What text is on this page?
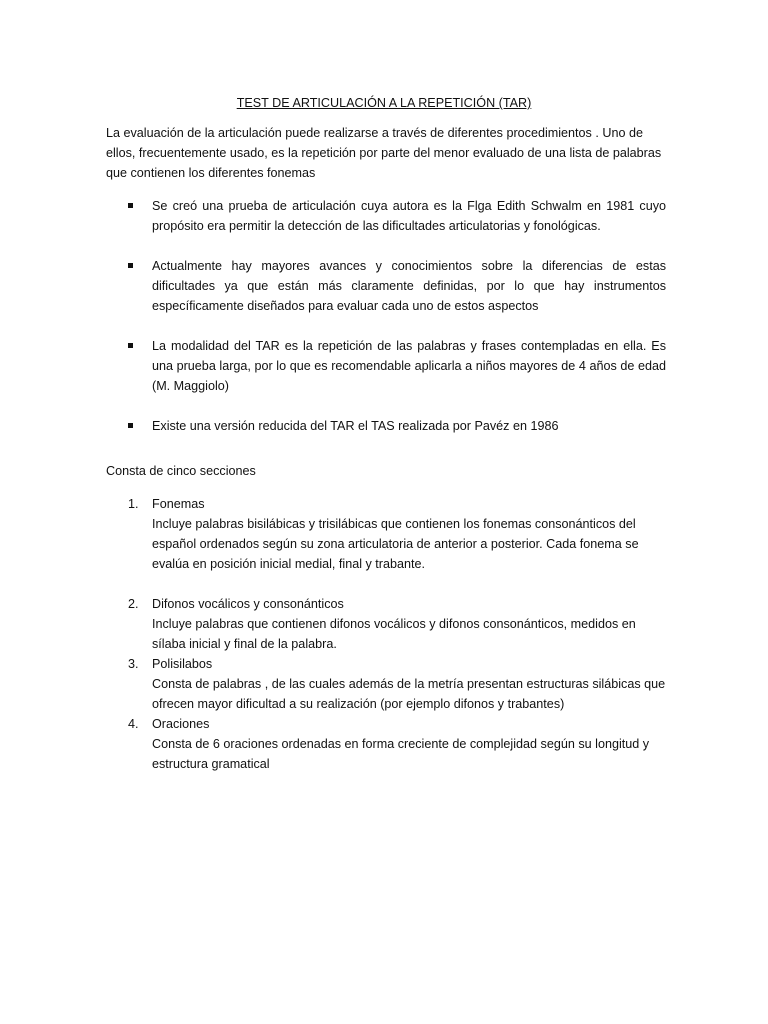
TEST DE ARTICULACIÓN A LA REPETICIÓN (TAR)
La evaluación de la articulación puede realizarse a través de diferentes procedimientos . Uno de ellos, frecuentemente usado, es la repetición por parte del menor evaluado de una lista de palabras que contienen los diferentes fonemas
Se creó una prueba de articulación cuya autora es la Flga Edith Schwalm en 1981 cuyo propósito era permitir la detección de las dificultades articulatorias y fonológicas.
Actualmente hay mayores avances y conocimientos sobre la diferencias de estas dificultades ya que están más claramente definidas, por lo que hay instrumentos específicamente diseñados para evaluar cada uno de estos aspectos
La modalidad del TAR es la repetición de las palabras y frases contempladas en ella. Es una prueba larga, por lo que es recomendable aplicarla a niños mayores de 4 años de edad (M. Maggiolo)
Existe una versión reducida del TAR el TAS realizada por Pavéz en 1986
Consta de cinco secciones
1. Fonemas
Incluye palabras bisilábicas y trisilábicas que contienen los fonemas consonánticos del español ordenados según su zona articulatoria de anterior a posterior. Cada fonema se evalúa en posición inicial medial, final y trabante.
2. Difonos vocálicos y consonánticos
Incluye palabras que contienen difonos vocálicos y difonos consonánticos, medidos en sílaba inicial y final de la palabra.
3. Polisilabos
Consta de palabras , de las cuales además de la metría presentan estructuras silábicas que ofrecen mayor dificultad a su realización (por ejemplo difonos y trabantes)
4. Oraciones
Consta de 6 oraciones ordenadas en forma creciente de complejidad según su longitud y estructura gramatical
